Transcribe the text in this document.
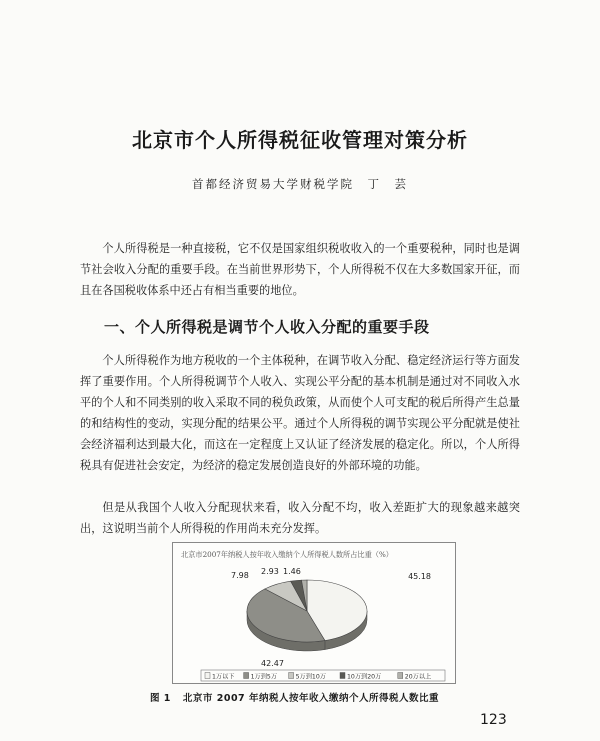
北京市个人所得税征收管理对策分析
首都经济贸易大学财税学院　丁　芸

个人所得税是一种直接税，它不仅是国家组织税收收入的一个重要税种，同时也是调节社会收入分配的重要手段。在当前世界形势下，个人所得税不仅在大多数国家开征，而且在各国税收体系中还占有相当重要的地位。

一、个人所得税是调节个人收入分配的重要手段

个人所得税作为地方税收的一个主体税种，在调节收入分配、稳定经济运行等方面发挥了重要作用。个人所得税调节个人收入、实现公平分配的基本机制是通过对不同收入水平的个人和不同类别的收入采取不同的税负政策，从而使个人可支配的税后所得产生总量的和结构性的变动，实现分配的结果公平。通过个人所得税的调节实现公平分配就是使社会经济福利达到最大化，而这在一定程度上又认证了经济发展的稳定化。所以，个人所得税具有促进社会安定，为经济的稳定发展创造良好的外部环境的功能。

但是从我国个人收入分配现状来看，收入分配不均，收入差距扩大的现象越来越突出，这说明当前个人所得税的作用尚未充分发挥。

北京市2007年纳税人按年收入缴纳个人所得税人数所占比重（%）
45.18
42.47
7.98 2.93 1.46
1万以下	1万到5万	5万到10万	10万到20万	20万以上
图 1 北京市 2007 年纳税人按年收入缴纳个人所得税人数比重
123
